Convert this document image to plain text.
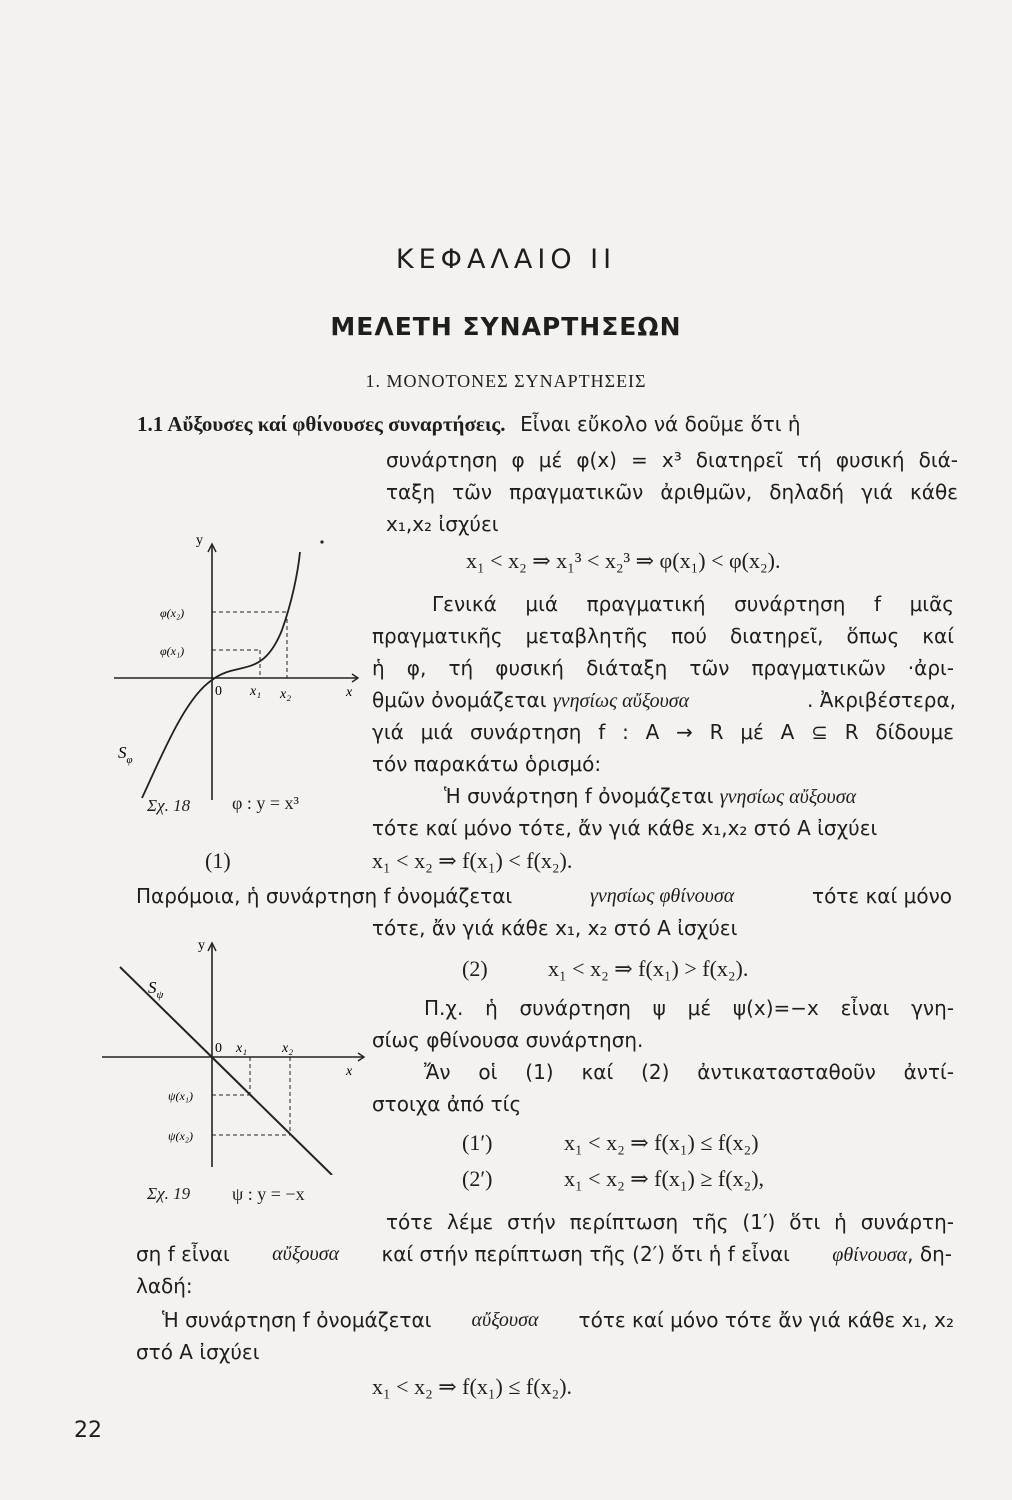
ΚΕΦΑΛΑΙΟ ΙΙ
ΜΕΛΕΤΗ ΣΥΝΑΡΤΗΣΕΩΝ
1. ΜΟΝΟΤΟΝΕΣ ΣΥΝΑΡΤΗΣΕΙΣ
1.1 Αὔξουσες καί φθίνουσες συναρτήσεις. Εἶναι εὔκολο νά δοῦμε ὅτι ἡ
συνάρτηση φ μέ φ(x) = x³ διατηρεῖ τή φυσική διά-
ταξη τῶν πραγματικῶν ἀριθμῶν, δηλαδή γιά κάθε
x₁,x₂ ἰσχύει
x₁ < x₂ ⇒ x₁³ < x₂³ ⇒ φ(x₁) < φ(x₂).
Γενικά μιά πραγματική συνάρτηση f μιᾶς
πραγματικῆς μεταβλητῆς πού διατηρεῖ, ὅπως καί
ἡ φ, τή φυσική διάταξη τῶν πραγματικῶν ·ἀρι-
θμῶν ὀνομάζεται γνησίως αὔξουσα	. Ἀκριβέστερα,
γιά μιά συνάρτηση f : A → R μέ A ⊆ R δίδουμε
τόν παρακάτω ὁρισμό:
Ἡ συνάρτηση f ὀνομάζεται γνησίως αὔξουσα
τότε καί μόνο τότε, ἄν γιά κάθε x₁,x₂ στό A ἰσχύει
(1)	x₁ < x₂ ⇒ f(x₁) < f(x₂).
Παρόμοια, ἡ συνάρτηση f ὀνομάζεται	γνησίως φθίνουσα	τότε καί μόνο
τότε, ἄν γιά κάθε x₁, x₂ στό A ἰσχύει
(2)	x₁ < x₂ ⇒ f(x₁) > f(x₂).
Π.χ. ἡ συνάρτηση ψ μέ ψ(x)=−x εἶναι γνη-
σίως φθίνουσα συνάρτηση.
Ἄν οἱ (1) καί (2) ἀντικατασταθοῦν ἀντί-
στοιχα ἀπό τίς
(1′)	x₁ < x₂ ⇒ f(x₁) ≤ f(x₂)
(2′)	x₁ < x₂ ⇒ f(x₁) ≥ f(x₂),
τότε λέμε στήν περίπτωση τῆς (1′) ὅτι ἡ συνάρτη-
ση f εἶναι αὔξουσα καί στήν περίπτωση τῆς (2′) ὅτι ἡ f εἶναι φθίνουσα, δη-
λαδή:
Ἡ συνάρτηση f ὀνομάζεται αὔξουσα τότε καί μόνο τότε ἄν γιά κάθε x₁, x₂
στό A ἰσχύει
x₁ < x₂ ⇒ f(x₁) ≤ f(x₂).
22
y
x
0 x₁ x₂
φ(x₁)
φ(x₂)
$S_\varphi$
Σχ. 18 φ : y = x³
y
x
0 x₁ x₂
ψ(x₁)
ψ(x₂)
$S_\psi$
Σχ. 19 ψ : y = −x
